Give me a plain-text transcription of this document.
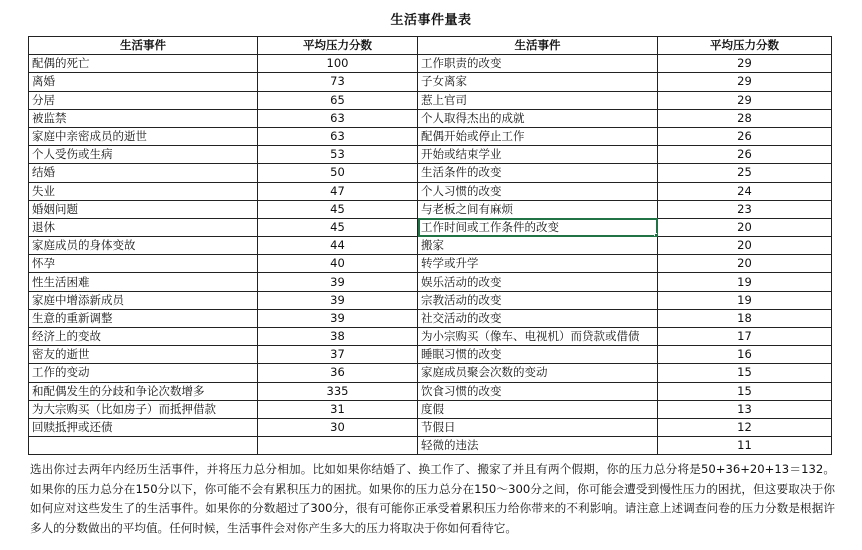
生活事件量表
生活事件	平均压力分数	生活事件	平均压力分数
配偶的死亡	100	工作职责的改变	29
离婚	73	子女离家	29
分居	65	惹上官司	29
被监禁	63	个人取得杰出的成就	28
家庭中亲密成员的逝世	63	配偶开始或停止工作	26
个人受伤或生病	53	开始或结束学业	26
结婚	50	生活条件的改变	25
失业	47	个人习惯的改变	24
婚姻问题	45	与老板之间有麻烦	23
退休	45	工作时间或工作条件的改变	20
家庭成员的身体变故	44	搬家	20
怀孕	40	转学或升学	20
性生活困难	39	娱乐活动的改变	19
家庭中增添新成员	39	宗教活动的改变	19
生意的重新调整	39	社交活动的改变	18
经济上的变故	38	为小宗购买（像车、电视机）而贷款或借债	17
密友的逝世	37	睡眠习惯的改变	16
工作的变动	36	家庭成员聚会次数的变动	15
和配偶发生的分歧和争论次数增多	335	饮食习惯的改变	15
为大宗购买（比如房子）而抵押借款	31	度假	13
回赎抵押或还债	30	节假日	12
		轻微的违法	11
选出你过去两年内经历生活事件，并将压力总分相加。比如如果你结婚了、换工作了、搬家了并且有两个假期，你的压力总分将是50+36+20+13＝132。如果你的压力总分在150分以下，你可能不会有累积压力的困扰。如果你的压力总分在150～300分之间，你可能会遭受到慢性压力的困扰，但这要取决于你如何应对这些发生了的生活事件。如果你的分数超过了300分，很有可能你正承受着累积压力给你带来的不利影响。请注意上述调查问卷的压力分数是根据许多人的分数做出的平均值。任何时候，生活事件会对你产生多大的压力将取决于你如何看待它。
